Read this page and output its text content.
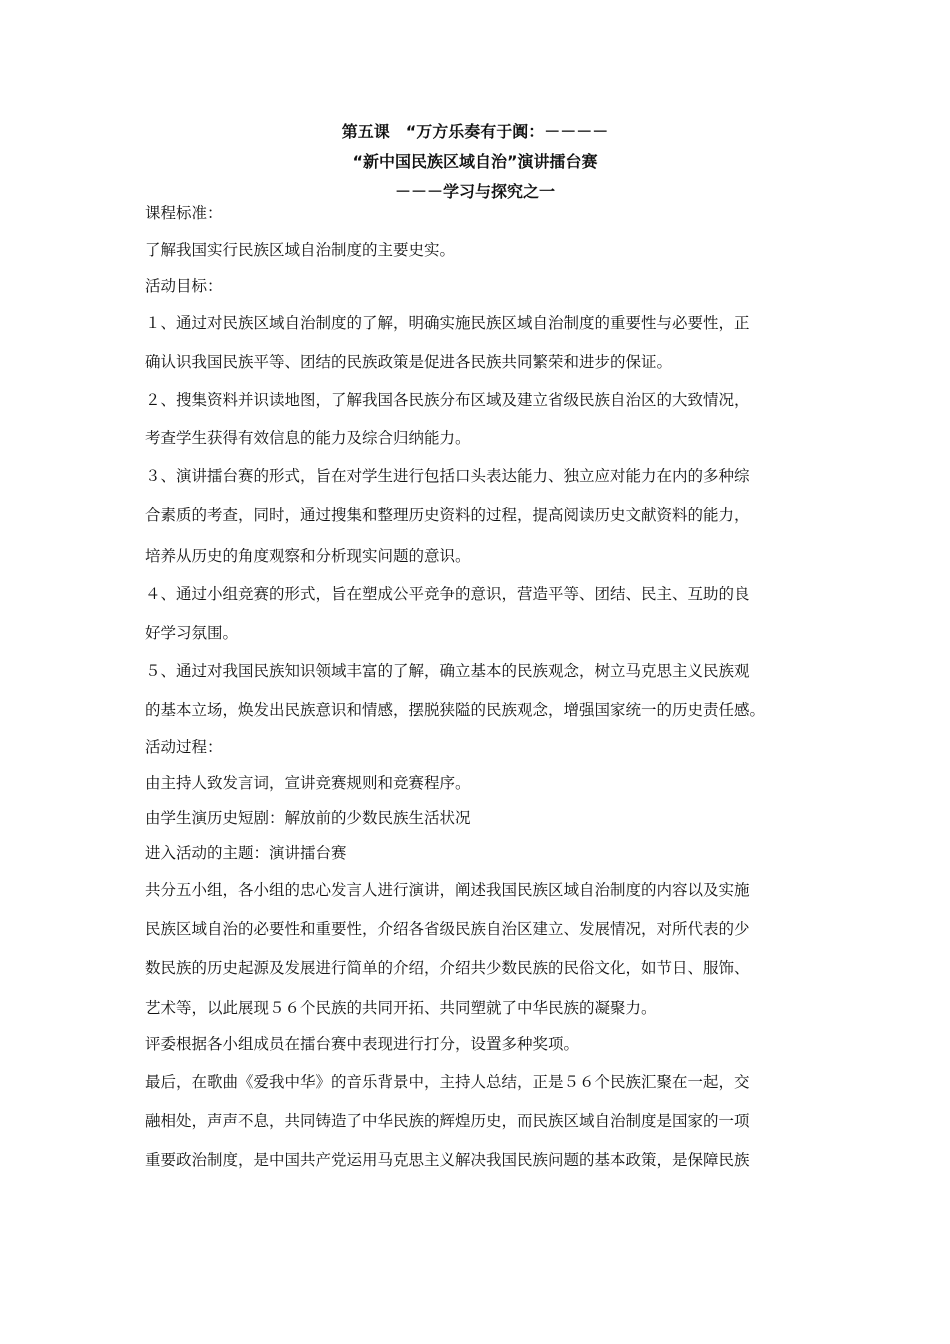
第五课　“万方乐奏有于阗：－－－－
“新中国民族区域自治”演讲擂台赛
－－－学习与探究之一
课程标准：
了解我国实行民族区域自治制度的主要史实。
活动目标：
１、通过对民族区域自治制度的了解，明确实施民族区域自治制度的重要性与必要性，正
确认识我国民族平等、团结的民族政策是促进各民族共同繁荣和进步的保证。
２、搜集资料并识读地图，了解我国各民族分布区域及建立省级民族自治区的大致情况，
考查学生获得有效信息的能力及综合归纳能力。
３、演讲擂台赛的形式，旨在对学生进行包括口头表达能力、独立应对能力在内的多种综
合素质的考查，同时，通过搜集和整理历史资料的过程，提高阅读历史文献资料的能力，
培养从历史的角度观察和分析现实问题的意识。
４、通过小组竞赛的形式，旨在塑成公平竞争的意识，营造平等、团结、民主、互助的良
好学习氛围。
５、通过对我国民族知识领域丰富的了解，确立基本的民族观念，树立马克思主义民族观
的基本立场，焕发出民族意识和情感，摆脱狭隘的民族观念，增强国家统一的历史责任感。
活动过程：
由主持人致发言词，宣讲竞赛规则和竞赛程序。
由学生演历史短剧：解放前的少数民族生活状况
进入活动的主题：演讲擂台赛
共分五小组，各小组的忠心发言人进行演讲，阐述我国民族区域自治制度的内容以及实施
民族区域自治的必要性和重要性，介绍各省级民族自治区建立、发展情况，对所代表的少
数民族的历史起源及发展进行简单的介绍，介绍共少数民族的民俗文化，如节日、服饰、
艺术等，以此展现５６个民族的共同开拓、共同塑就了中华民族的凝聚力。
评委根据各小组成员在擂台赛中表现进行打分，设置多种奖项。
最后，在歌曲《爱我中华》的音乐背景中，主持人总结，正是５６个民族汇聚在一起，交
融相处，声声不息，共同铸造了中华民族的辉煌历史，而民族区域自治制度是国家的一项
重要政治制度，是中国共产党运用马克思主义解决我国民族问题的基本政策，是保障民族
